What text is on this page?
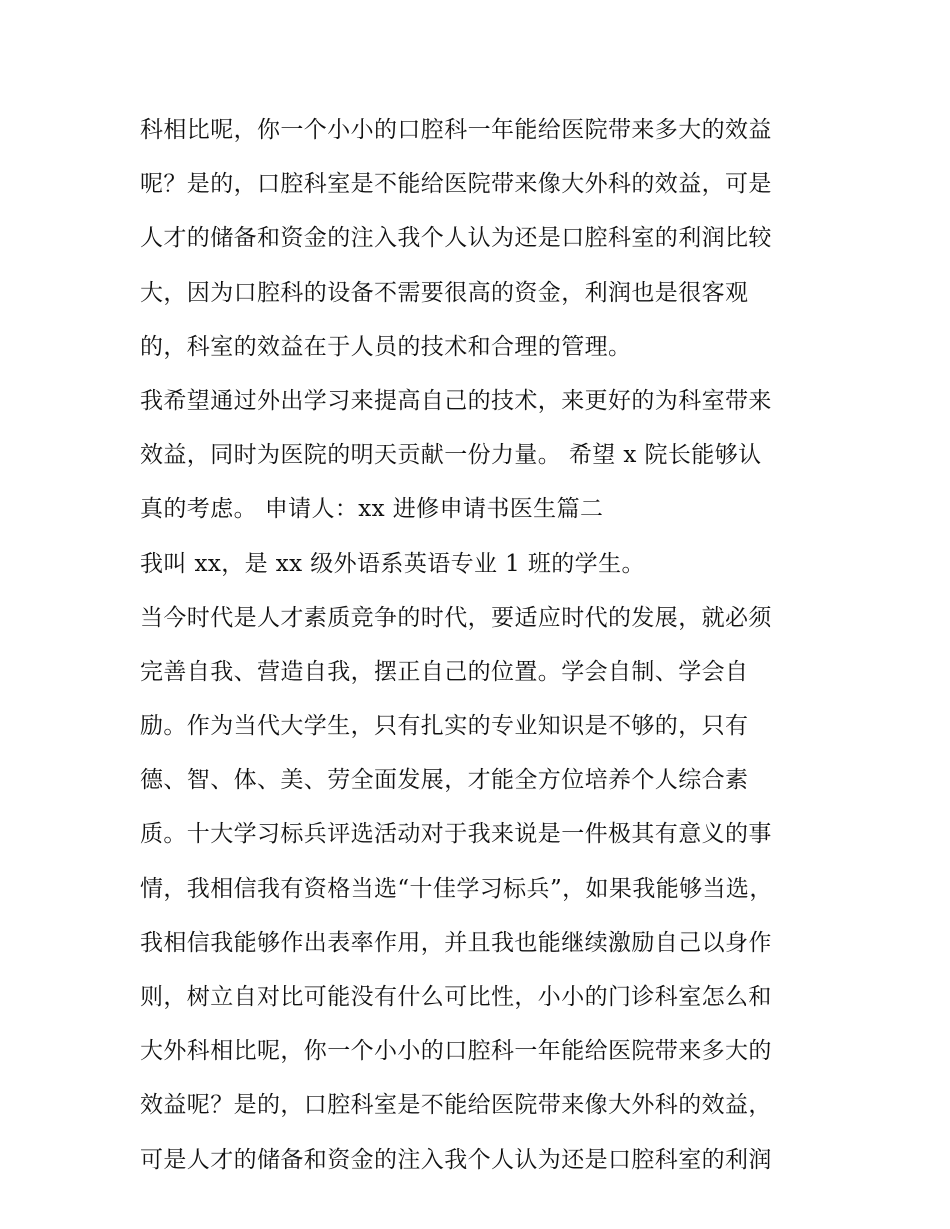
科相比呢，你一个小小的口腔科一年能给医院带来多大的效益

呢？是的，口腔科室是不能给医院带来像大外科的效益，可是

人才的储备和资金的注入我个人认为还是口腔科室的利润比较

大，因为口腔科的设备不需要很高的资金，利润也是很客观

的，科室的效益在于人员的技术和合理的管理。

我希望通过外出学习来提高自己的技术，来更好的为科室带来

效益，同时为医院的明天贡献一份力量。 希望 x 院长能够认

真的考虑。 申请人：xx 进修申请书医生篇二

我叫 xx，是 xx 级外语系英语专业 1 班的学生。

当今时代是人才素质竞争的时代，要适应时代的发展，就必须

完善自我、营造自我，摆正自己的位置。学会自制、学会自

励。作为当代大学生，只有扎实的专业知识是不够的，只有

德、智、体、美、劳全面发展，才能全方位培养个人综合素

质。十大学习标兵评选活动对于我来说是一件极其有意义的事

情，我相信我有资格当选“十佳学习标兵”，如果我能够当选，

我相信我能够作出表率作用，并且我也能继续激励自己以身作

则，树立自对比可能没有什么可比性，小小的门诊科室怎么和

大外科相比呢，你一个小小的口腔科一年能给医院带来多大的

效益呢？是的，口腔科室是不能给医院带来像大外科的效益，

可是人才的储备和资金的注入我个人认为还是口腔科室的利润
